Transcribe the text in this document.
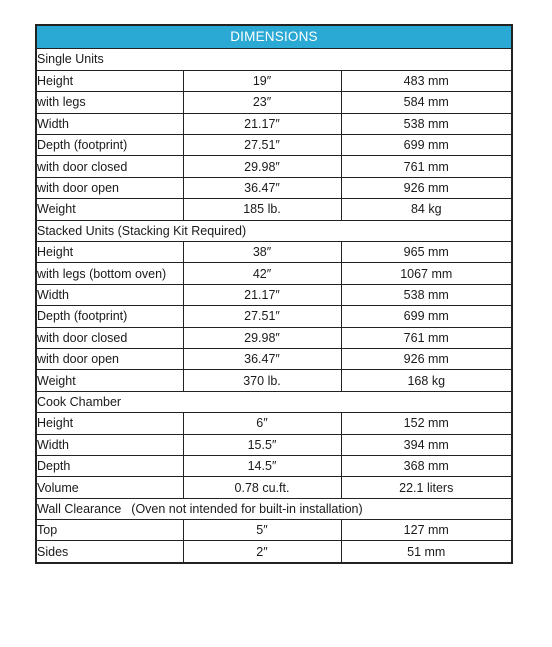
DIMENSIONS
Single Units		
Height	19″	483 mm
with legs	23″	584 mm
Width	21.17″	538 mm
Depth (footprint)	27.51″	699 mm
with door closed	29.98″	761 mm
with door open	36.47″	926 mm
Weight	185 lb.	84 kg
Stacked Units (Stacking Kit Required)		
Height	38″	965 mm
with legs (bottom oven)	42″	1067 mm
Width	21.17″	538 mm
Depth (footprint)	27.51″	699 mm
with door closed	29.98″	761 mm
with door open	36.47″	926 mm
Weight	370 lb.	168 kg
Cook Chamber		
Height	6″	152 mm
Width	15.5″	394 mm
Depth	14.5″	368 mm
Volume	0.78 cu.ft.	22.1 liters
Wall Clearance (Oven not intended for built-in installation)		
Top	5″	127 mm
Sides	2″	51 mm
